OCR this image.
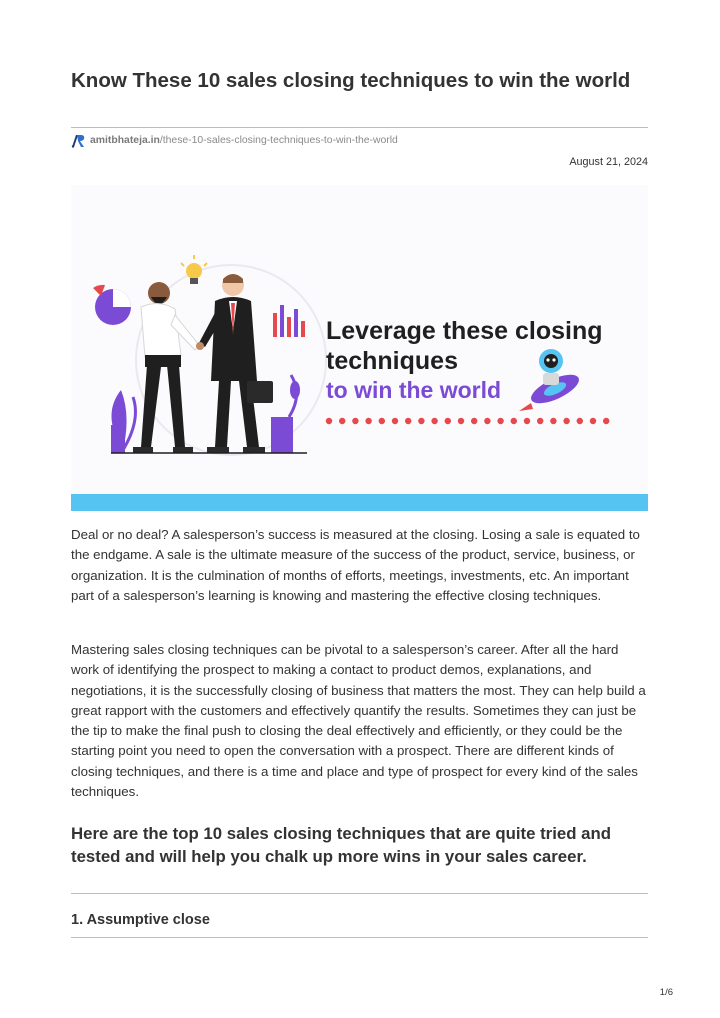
Know These 10 sales closing techniques to win the world
amitbhateja.in /these-10-sales-closing-techniques-to-win-the-world
August 21, 2024
Leverage these closing
techniques
to win the world

Deal or no deal? A salesperson’s success is measured at the closing. Losing a sale is equated to the endgame. A sale is the ultimate measure of the success of the product, service, business, or organization. It is the culmination of months of efforts, meetings, investments, etc. An important part of a salesperson’s learning is knowing and mastering the effective closing techniques.

Mastering sales closing techniques can be pivotal to a salesperson’s career. After all the hard work of identifying the prospect to making a contact to product demos, explanations, and negotiations, it is the successfully closing of business that matters the most. They can help build a great rapport with the customers and effectively quantify the results. Sometimes they can just be the tip to make the final push to closing the deal effectively and efficiently, or they could be the starting point you need to open the conversation with a prospect. There are different kinds of closing techniques, and there is a time and place and type of prospect for every kind of the sales techniques.

Here are the top 10 sales closing techniques that are quite tried and tested and will help you chalk up more wins in your sales career.
1. Assumptive close
1/6
